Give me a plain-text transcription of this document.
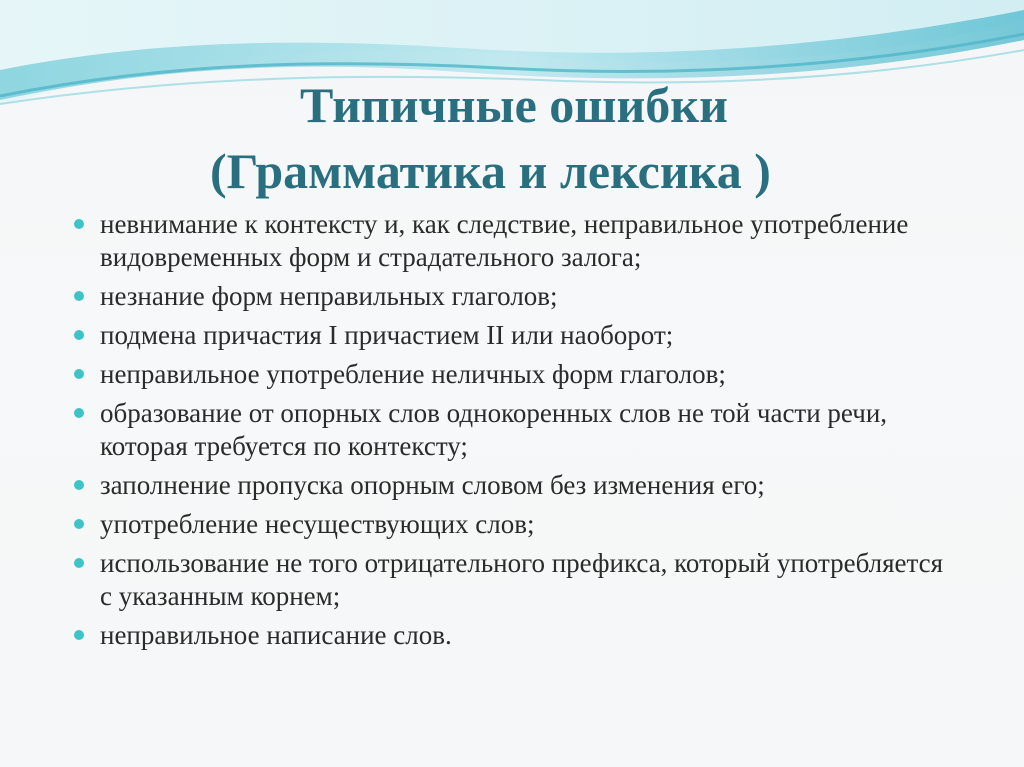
Типичные ошибки
(Грамматика и лексика )
невнимание к контексту и, как следствие, неправильное употребление видовременных форм и страдательного залога;
незнание форм неправильных глаголов;
подмена причастия I причастием II или наоборот;
неправильное употребление неличных форм глаголов;
образование от опорных слов однокоренных слов не той части речи, которая требуется по контексту;
заполнение пропуска опорным словом без изменения его;
употребление несуществующих слов;
использование не того отрицательного префикса, который употребляется с указанным корнем;
неправильное написание слов.
